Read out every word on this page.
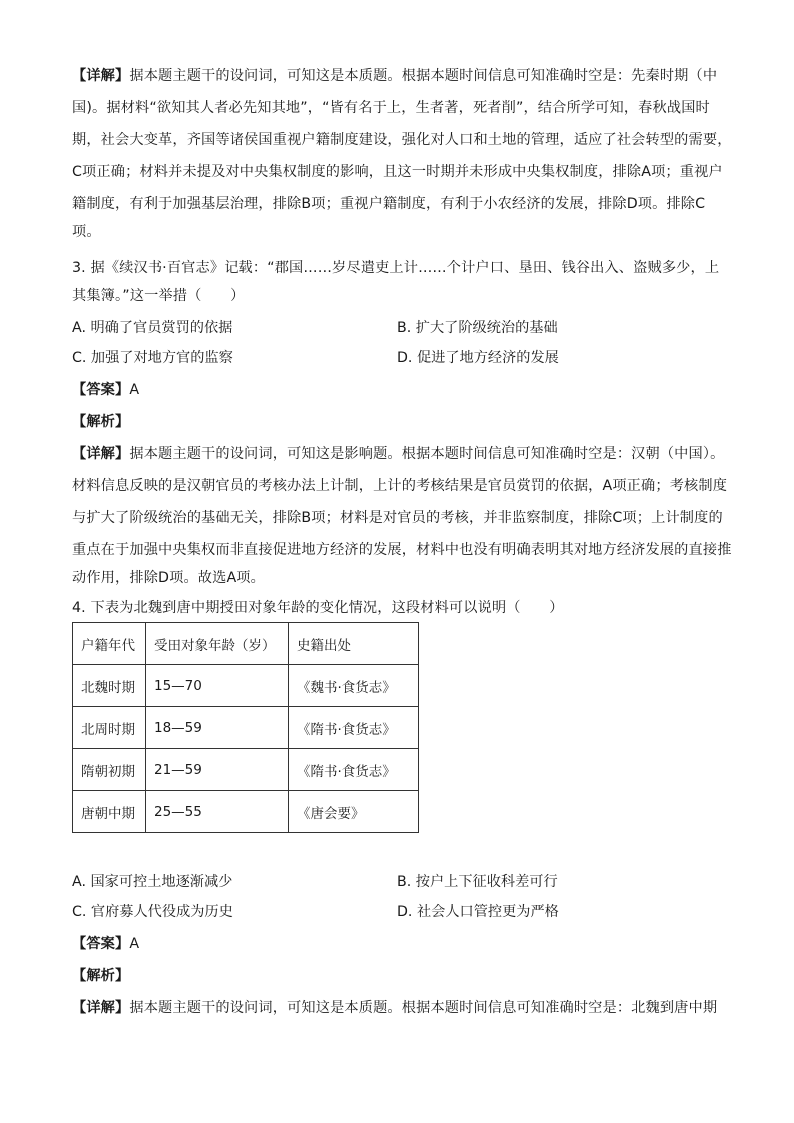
【详解】据本题主题干的设问词，可知这是本质题。根据本题时间信息可知准确时空是：先秦时期（中
国)。据材料“欲知其人者必先知其地”，“皆有名于上，生者著，死者削”，结合所学可知，春秋战国时
期，社会大变革，齐国等诸侯国重视户籍制度建设，强化对人口和土地的管理，适应了社会转型的需要，
C项正确；材料并未提及对中央集权制度的影响，且这一时期并未形成中央集权制度，排除A项；重视户
籍制度，有利于加强基层治理，排除B项；重视户籍制度，有利于小农经济的发展，排除D项。排除C
项。
3. 据《续汉书·百官志》记载：“郡国……岁尽遣吏上计……个计户口、垦田、钱谷出入、盗贼多少，上
其集簿。”这一举措（　　）
A. 明确了官员赏罚的依据	B. 扩大了阶级统治的基础
C. 加强了对地方官的监察	D. 促进了地方经济的发展
【答案】A
【解析】
【详解】据本题主题干的设问词，可知这是影响题。根据本题时间信息可知准确时空是：汉朝（中国）。
材料信息反映的是汉朝官员的考核办法上计制，上计的考核结果是官员赏罚的依据，A项正确；考核制度
与扩大了阶级统治的基础无关，排除B项；材料是对官员的考核，并非监察制度，排除C项；上计制度的
重点在于加强中央集权而非直接促进地方经济的发展，材料中也没有明确表明其对地方经济发展的直接推
动作用，排除D项。故选A项。
4. 下表为北魏到唐中期授田对象年龄的变化情况，这段材料可以说明（　　）
户籍年代	受田对象年龄（岁）	史籍出处
北魏时期	15—70	《魏书·食货志》
北周时期	18—59	《隋书·食货志》
隋朝初期	21—59	《隋书·食货志》
唐朝中期	25—55	《唐会要》
A. 国家可控土地逐渐减少	B. 按户上下征收科差可行
C. 官府募人代役成为历史	D. 社会人口管控更为严格
【答案】A
【解析】
【详解】据本题主题干的设问词，可知这是本质题。根据本题时间信息可知准确时空是：北魏到唐中期
